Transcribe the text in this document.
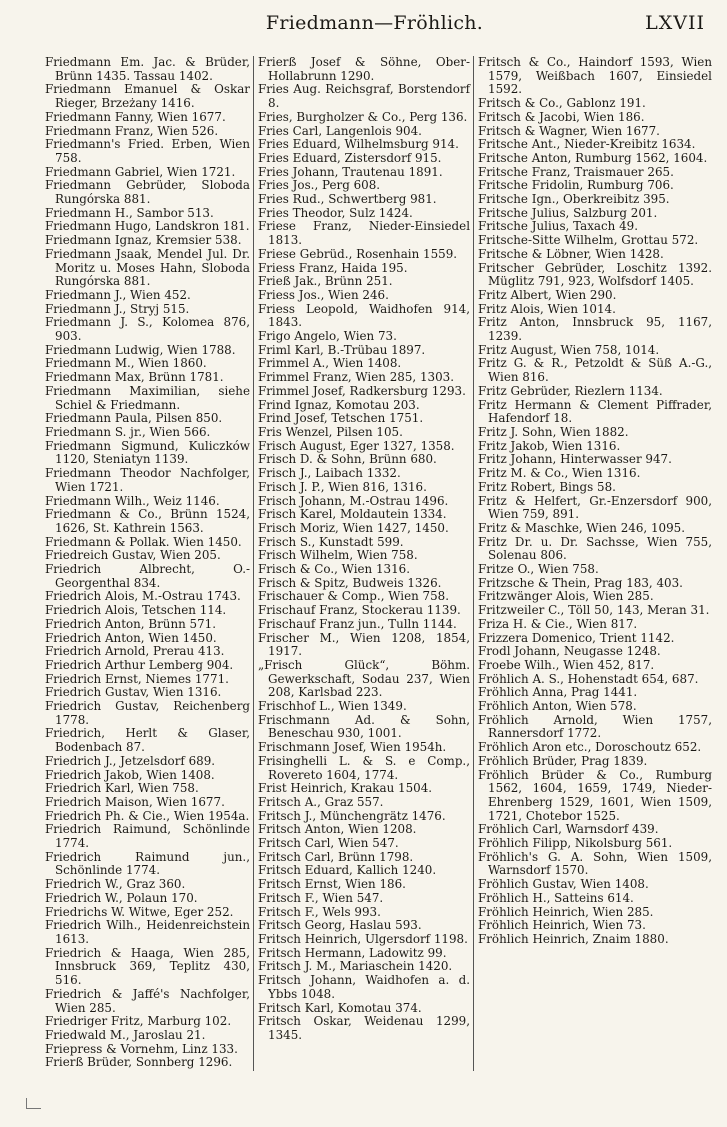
Friedmann—Fröhlich.	LXVII

Friedmann Em. Jac. & Brüder, Brünn 1435. Tassau 1402.

Friedmann Emanuel & Oskar Rieger, Brzeżany 1416.

Friedmann Fanny, Wien 1677.

Friedmann Franz, Wien 526.

Friedmann's Fried. Erben, Wien 758.

Friedmann Gabriel, Wien 1721.

Friedmann Gebrüder, Sloboda Rungórska 881.

Friedmann H., Sambor 513.

Friedmann Hugo, Landskron 181.

Friedmann Ignaz, Kremsier 538.

Friedmann Jsaak, Mendel Jul. Dr. Moritz u. Moses Hahn, Sloboda Rungórska 881.

Friedmann J., Wien 452.

Friedmann J., Stryj 515.

Friedmann J. S., Kolomea 876, 903.

Friedmann Ludwig, Wien 1788.

Friedmann M., Wien 1860.

Friedmann Max, Brünn 1781.

Friedmann Maximilian, siehe Schiel & Friedmann.

Friedmann Paula, Pilsen 850.

Friedmann S. jr., Wien 566.

Friedmann Sigmund, Kuliczków 1120, Steniatyn 1139.

Friedmann Theodor Nachfolger, Wien 1721.

Friedmann Wilh., Weiz 1146.

Friedmann & Co., Brünn 1524, 1626, St. Kathrein 1563.

Friedmann & Pollak. Wien 1450.

Friedreich Gustav, Wien 205.

Friedrich Albrecht, O.-Georgenthal 834.

Friedrich Alois, M.-Ostrau 1743.

Friedrich Alois, Tetschen 114.

Friedrich Anton, Brünn 571.

Friedrich Anton, Wien 1450.

Friedrich Arnold, Prerau 413.

Friedrich Arthur Lemberg 904.

Friedrich Ernst, Niemes 1771.

Friedrich Gustav, Wien 1316.

Friedrich Gustav, Reichenberg 1778.

Friedrich, Herlt & Glaser, Bodenbach 87.

Friedrich J., Jetzelsdorf 689.

Friedrich Jakob, Wien 1408.

Friedrich Karl, Wien 758.

Friedrich Maison, Wien 1677.

Friedrich Ph. & Cie., Wien 1954a.

Friedrich Raimund, Schönlinde 1774.

Friedrich Raimund jun., Schönlinde 1774.

Friedrich W., Graz 360.

Friedrich W., Polaun 170.

Friedrichs W. Witwe, Eger 252.

Friedrich Wilh., Heidenreichstein 1613.

Friedrich & Haaga, Wien 285, Innsbruck 369, Teplitz 430, 516.

Friedrich & Jaffé's Nachfolger, Wien 285.

Friedriger Fritz, Marburg 102.

Friedwald M., Jaroslau 21.

Friepress & Vornehm, Linz 133.

Frierß Brüder, Sonnberg 1296.

Frierß Josef & Söhne, Ober-Hollabrunn 1290.

Fries Aug. Reichsgraf, Borstendorf 8.

Fries, Burgholzer & Co., Perg 136.

Fries Carl, Langenlois 904.

Fries Eduard, Wilhelmsburg 914.

Fries Eduard, Zistersdorf 915.

Fries Johann, Trautenau 1891.

Fries Jos., Perg 608.

Fries Rud., Schwertberg 981.

Fries Theodor, Sulz 1424.

Friese Franz, Nieder-Einsiedel 1813.

Friese Gebrüd., Rosenhain 1559.

Friess Franz, Haida 195.

Frieß Jak., Brünn 251.

Friess Jos., Wien 246.

Friess Leopold, Waidhofen 914, 1843.

Frigo Angelo, Wien 73.

Friml Karl, B.-Trübau 1897.

Frimmel A., Wien 1408.

Frimmel Franz, Wien 285, 1303.

Frimmel Josef, Radkersburg 1293.

Frind Ignaz, Komotau 203.

Frind Josef, Tetschen 1751.

Fris Wenzel, Pilsen 105.

Frisch August, Eger 1327, 1358.

Frisch D. & Sohn, Brünn 680.

Frisch J., Laibach 1332.

Frisch J. P., Wien 816, 1316.

Frisch Johann, M.-Ostrau 1496.

Frisch Karel, Moldautein 1334.

Frisch Moriz, Wien 1427, 1450.

Frisch S., Kunstadt 599.

Frisch Wilhelm, Wien 758.

Frisch & Co., Wien 1316.

Frisch & Spitz, Budweis 1326.

Frischauer & Comp., Wien 758.

Frischauf Franz, Stockerau 1139.

Frischauf Franz jun., Tulln 1144.

Frischer M., Wien 1208, 1854, 1917.

„Frisch Glück“, Böhm. Gewerkschaft, Sodau 237, Wien 208, Karlsbad 223.

Frischhof L., Wien 1349.

Frischmann Ad. & Sohn, Beneschau 930, 1001.

Frischmann Josef, Wien 1954h.

Frisinghelli L. & S. e Comp., Rovereto 1604, 1774.

Frist Heinrich, Krakau 1504.

Fritsch A., Graz 557.

Fritsch J., Münchengrätz 1476.

Fritsch Anton, Wien 1208.

Fritsch Carl, Wien 547.

Fritsch Carl, Brünn 1798.

Fritsch Eduard, Kallich 1240.

Fritsch Ernst, Wien 186.

Fritsch F., Wien 547.

Fritsch F., Wels 993.

Fritsch Georg, Haslau 593.

Fritsch Heinrich, Ulgersdorf 1198.

Fritsch Hermann, Ladowitz 99.

Fritsch J. M., Mariaschein 1420.

Fritsch Johann, Waidhofen a. d. Ybbs 1048.

Fritsch Karl, Komotau 374.

Fritsch Oskar, Weidenau 1299, 1345.

Fritsch & Co., Haindorf 1593, Wien 1579, Weißbach 1607, Einsiedel 1592.

Fritsch & Co., Gablonz 191.

Fritsch & Jacobi, Wien 186.

Fritsch & Wagner, Wien 1677.

Fritsche Ant., Nieder-Kreibitz 1634.

Fritsche Anton, Rumburg 1562, 1604.

Fritsche Franz, Traismauer 265.

Fritsche Fridolin, Rumburg 706.

Fritsche Ign., Oberkreibitz 395.

Fritsche Julius, Salzburg 201.

Fritsche Julius, Taxach 49.

Fritsche-Sitte Wilhelm, Grottau 572.

Fritsche & Löbner, Wien 1428.

Fritscher Gebrüder, Loschitz 1392. Müglitz 791, 923, Wolfsdorf 1405.

Fritz Albert, Wien 290.

Fritz Alois, Wien 1014.

Fritz Anton, Innsbruck 95, 1167, 1239.

Fritz August, Wien 758, 1014.

Fritz G. & R., Petzoldt & Süß A.-G., Wien 816.

Fritz Gebrüder, Riezlern 1134.

Fritz Hermann & Clement Piffrader, Hafendorf 18.

Fritz J. Sohn, Wien 1882.

Fritz Jakob, Wien 1316.

Fritz Johann, Hinterwasser 947.

Fritz M. & Co., Wien 1316.

Fritz Robert, Bings 58.

Fritz & Helfert, Gr.-Enzersdorf 900, Wien 759, 891.

Fritz & Maschke, Wien 246, 1095.

Fritz Dr. u. Dr. Sachsse, Wien 755, Solenau 806.

Fritze O., Wien 758.

Fritzsche & Thein, Prag 183, 403.

Fritzwänger Alois, Wien 285.

Fritzweiler C., Töll 50, 143, Meran 31.

Friza H. & Cie., Wien 817.

Frizzera Domenico, Trient 1142.

Frodl Johann, Neugasse 1248.

Froebe Wilh., Wien 452, 817.

Fröhlich A. S., Hohenstadt 654, 687.

Fröhlich Anna, Prag 1441.

Fröhlich Anton, Wien 578.

Fröhlich Arnold, Wien 1757, Rannersdorf 1772.

Fröhlich Aron etc., Doroschoutz 652.

Fröhlich Brüder, Prag 1839.

Fröhlich Brüder & Co., Rumburg 1562, 1604, 1659, 1749, Nieder-Ehrenberg 1529, 1601, Wien 1509, 1721, Chotebor 1525.

Fröhlich Carl, Warnsdorf 439.

Fröhlich Filipp, Nikolsburg 561.

Fröhlich's G. A. Sohn, Wien 1509, Warnsdorf 1570.

Fröhlich Gustav, Wien 1408.

Fröhlich H., Satteins 614.

Fröhlich Heinrich, Wien 285.

Fröhlich Heinrich, Wien 73.

Fröhlich Heinrich, Znaim 1880.
